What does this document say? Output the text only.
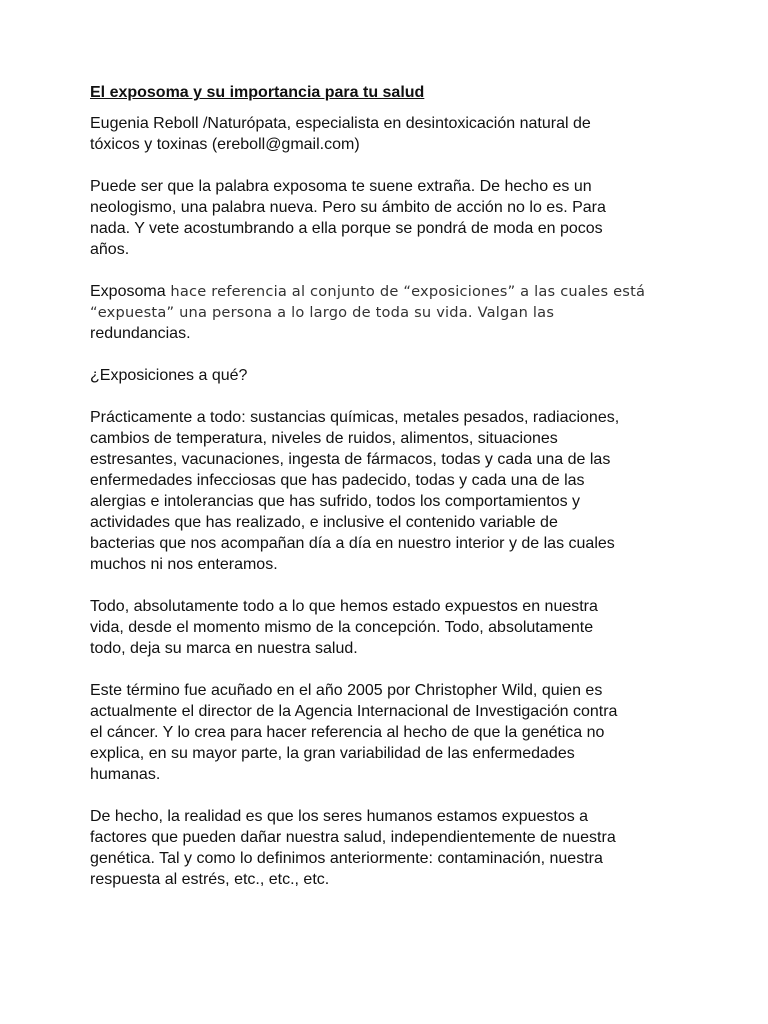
El exposoma y su importancia para tu salud

Eugenia Reboll /Naturópata, especialista en desintoxicación natural de
tóxicos y toxinas (ereboll@gmail.com)

Puede ser que la palabra exposoma te suene extraña. De hecho es un
neologismo, una palabra nueva. Pero su ámbito de acción no lo es. Para
nada. Y vete acostumbrando a ella porque se pondrá de moda en pocos
años.

Exposoma hace referencia al conjunto de “exposiciones” a las cuales está
“expuesta” una persona a lo largo de toda su vida. Valgan las
redundancias.

¿Exposiciones a qué?

Prácticamente a todo: sustancias químicas, metales pesados, radiaciones,
cambios de temperatura, niveles de ruidos, alimentos, situaciones
estresantes, vacunaciones, ingesta de fármacos, todas y cada una de las
enfermedades infecciosas que has padecido, todas y cada una de las
alergias e intolerancias que has sufrido, todos los comportamientos y
actividades que has realizado, e inclusive el contenido variable de
bacterias que nos acompañan día a día en nuestro interior y de las cuales
muchos ni nos enteramos.

Todo, absolutamente todo a lo que hemos estado expuestos en nuestra
vida, desde el momento mismo de la concepción. Todo, absolutamente
todo, deja su marca en nuestra salud.

Este término fue acuñado en el año 2005 por Christopher Wild, quien es
actualmente el director de la Agencia Internacional de Investigación contra
el cáncer. Y lo crea para hacer referencia al hecho de que la genética no
explica, en su mayor parte, la gran variabilidad de las enfermedades
humanas.

De hecho, la realidad es que los seres humanos estamos expuestos a
factores que pueden dañar nuestra salud, independientemente de nuestra
genética. Tal y como lo definimos anteriormente: contaminación, nuestra
respuesta al estrés, etc., etc., etc.
